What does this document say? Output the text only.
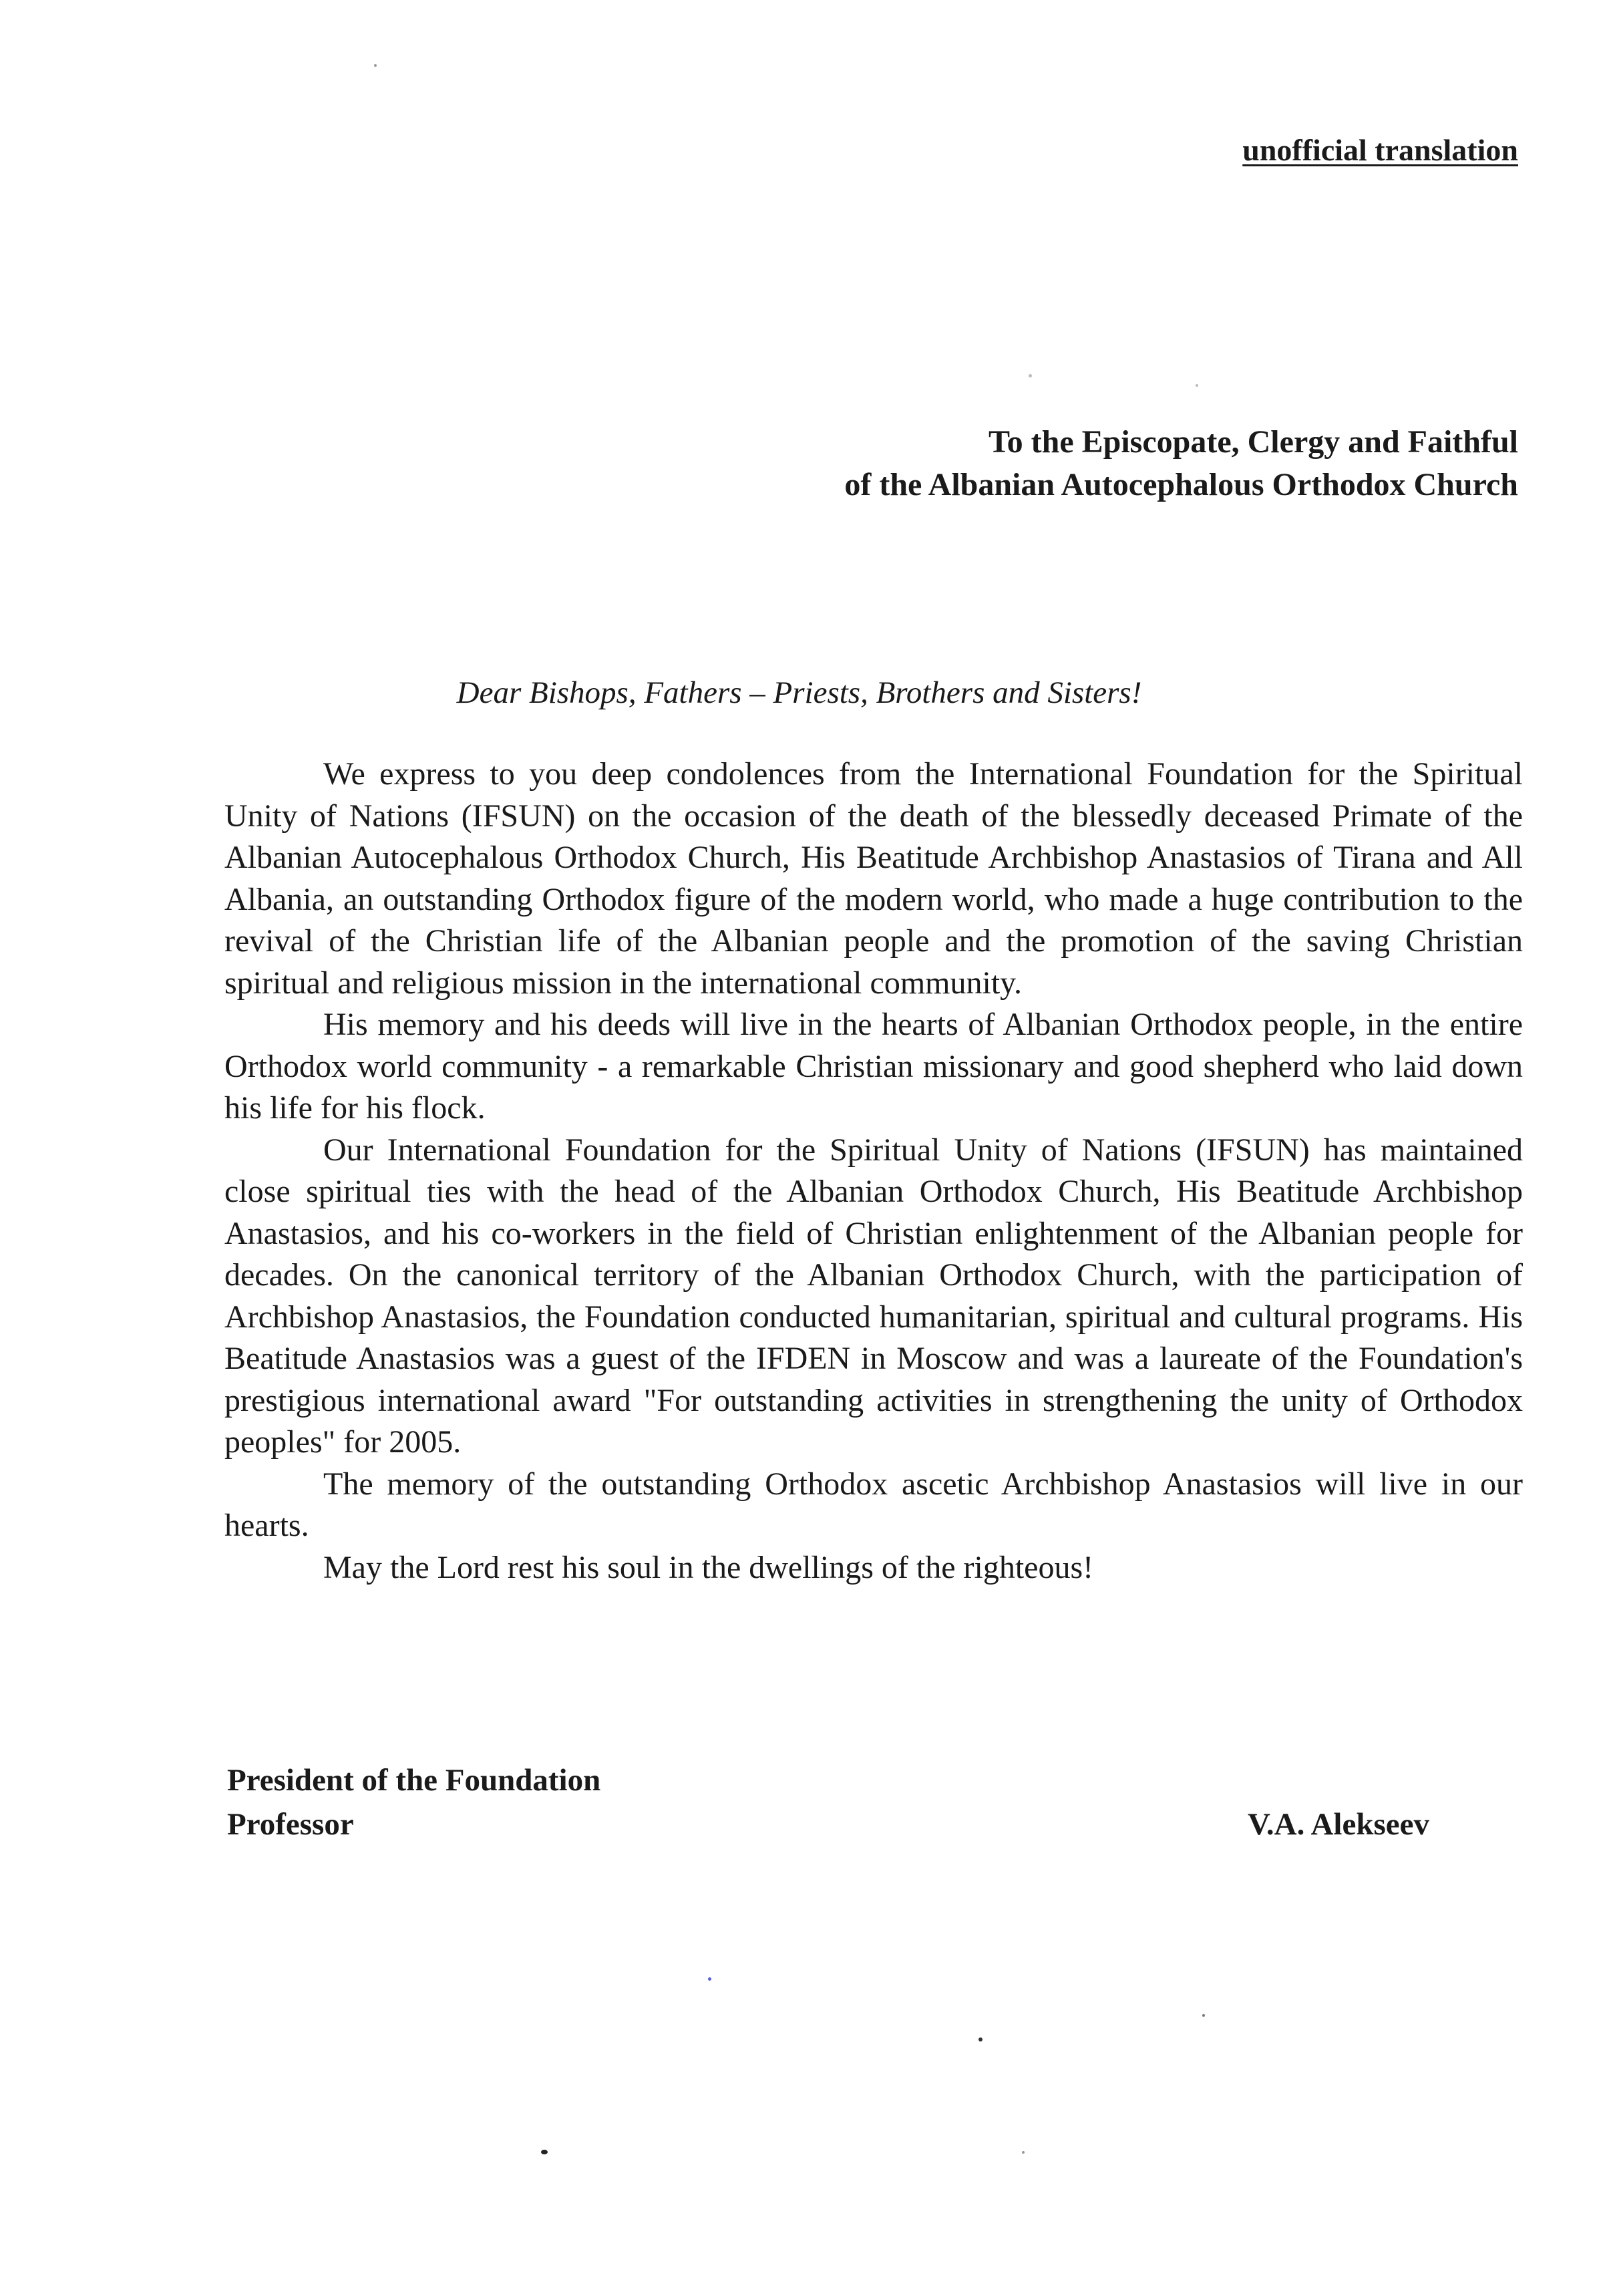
unofficial translation
To the Episcopate, Clergy and Faithful
of the Albanian Autocephalous Orthodox Church
Dear Bishops, Fathers – Priests, Brothers and Sisters!

We express to you deep condolences from the International Foundation for the Spiritual Unity of Nations (IFSUN) on the occasion of the death of the blessedly deceased Primate of the Albanian Autocephalous Orthodox Church, His Beatitude Archbishop Anastasios of Tirana and All Albania, an outstanding Orthodox figure of the modern world, who made a huge contribution to the revival of the Christian life of the Albanian people and the promotion of the saving Christian spiritual and religious mission in the international community.

His memory and his deeds will live in the hearts of Albanian Orthodox people, in the entire Orthodox world community - a remarkable Christian missionary and good shepherd who laid down his life for his flock.

Our International Foundation for the Spiritual Unity of Nations (IFSUN) has maintained close spiritual ties with the head of the Albanian Orthodox Church, His Beatitude Archbishop Anastasios, and his co-workers in the field of Christian enlightenment of the Albanian people for decades. On the canonical territory of the Albanian Orthodox Church, with the participation of Archbishop Anastasios, the Foundation conducted humanitarian, spiritual and cultural programs. His Beatitude Anastasios was a guest of the IFDEN in Moscow and was a laureate of the Foundation's prestigious international award "For outstanding activities in strengthening the unity of Orthodox peoples" for 2005.

The memory of the outstanding Orthodox ascetic Archbishop Anastasios will live in our hearts.

May the Lord rest his soul in the dwellings of the righteous!

President of the Foundation
Professor	V.A. Alekseev
